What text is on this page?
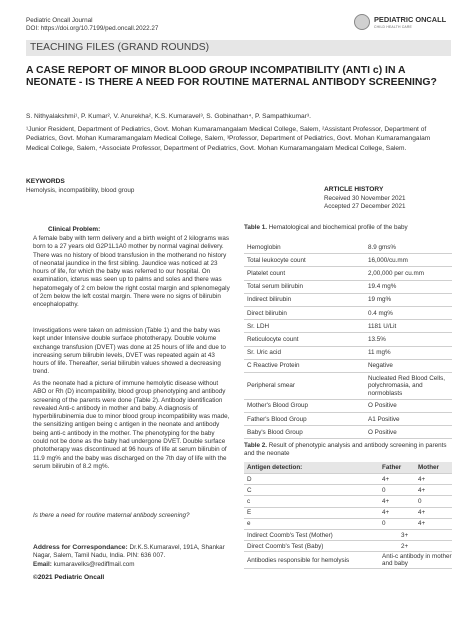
Pediatric Oncall Journal
DOI: https://doi.org/10.7199/ped.oncall.2022.27
PEDIATRIC ONCALL
CHILD HEALTH CARE
TEACHING FILES (GRAND ROUNDS)
A CASE REPORT OF MINOR BLOOD GROUP INCOMPATIBILITY (ANTI c) IN A NEONATE - IS THERE A NEED FOR ROUTINE MATERNAL ANTIBODY SCREENING?
S. Nithyalakshmi¹, P. Kumar², V. Anurekha², K.S. Kumaravel³, S. Gobinathan⁴, P. Sampathkumar³.
¹Junior Resident, Department of Pediatrics, Govt. Mohan Kumaramangalam Medical College, Salem, ²Assistant Professor, Department of Pediatrics, Govt. Mohan Kumaramangalam Medical College, Salem, ³Professor, Department of Pediatrics, Govt. Mohan Kumaramangalam Medical College, Salem, ⁴Associate Professor, Department of Pediatrics, Govt. Mohan Kumaramangalam Medical College, Salem.
KEYWORDS
Hemolysis, incompatibility, blood group	ARTICLE HISTORY
Received 30 November 2021
Accepted 27 December 2021
Clinical Problem:
A female baby with term delivery and a birth weight of 2 kilograms was born to a 27 years old G2P1L1A0 mother by normal vaginal delivery. There was no history of blood transfusion in the motherand no history of neonatal jaundice in the first sibling. Jaundice was noticed at 23 hours of life, for which the baby was referred to our hospital. On examination, icterus was seen up to palms and soles and there was hepatomegaly of 2 cm below the right costal margin and splenomegaly of 2cm below the left costal margin. There were no signs of bilirubin encephalopathy.
Investigations were taken on admission (Table 1) and the baby was kept under Intensive double surface phototherapy. Double volume exchange transfusion (DVET) was done at 25 hours of life and due to increasing serum bilirubin levels, DVET was repeated again at 43 hours of life. Thereafter, serial bilirubin values showed a decreasing trend.
As the neonate had a picture of immune hemolytic disease without ABO or Rh (D) incompatibility, blood group phenotyping and antibody screening of the parents were done (Table 2). Antibody identification revealed Anti-c antibody in mother and baby. A diagnosis of hyperbilirubinemia due to minor blood group incompatibility was made, the sensitizing antigen being c antigen in the neonate and antibody being anti-c antibody in the mother. The phenotyping for the baby could not be done as the baby had undergone DVET. Double surface phototherapy was discontinued at 96 hours of life at serum bilirubin of 11.9 mg% and the baby was discharged on the 7th day of life with the serum bilirubin of 8.2 mg%.
Is there a need for routine maternal antibody screening?
Address for Correspondance: Dr.K.S.Kumaravel, 191A, Shankar Nagar, Salem, Tamil Nadu, India. PIN: 636 007.
Email: kumaravelks@rediffmail.com
©2021 Pediatric Oncall
Table 1. Hematological and biochemical profile of the baby
Hemoglobin	8.9 gms%
Total leukocyte count	16,000/cu.mm
Platelet count	2,00,000 per cu.mm
Total serum bilirubin	19.4 mg%
Indirect bilirubin	19 mg%
Direct bilirubin	0.4 mg%
Sr. LDH	1181 U/Lit
Reticulocyte count	13.5%
Sr. Uric acid	11 mg%
C Reactive Protein	Negative
Peripheral smear	Nucleated Red Blood Cells, polychromasia, and normoblasts
Mother's Blood Group	O Positive
Father's Blood Group	A1 Positive
Baby's Blood Group	O Positive
Table 2. Result of phenotypic analysis and antibody screening in parents and the neonate
Antigen detection:	Father	Mother
D	4+	4+
C	0	4+
c	4+	0
E	4+	4+
e	0	4+
Indirect Coomb's Test (Mother)	3+	
Direct Coomb's Test (Baby)	2+	
Antibodies responsible for hemolysis	Anti-c antibody in mother and baby	
